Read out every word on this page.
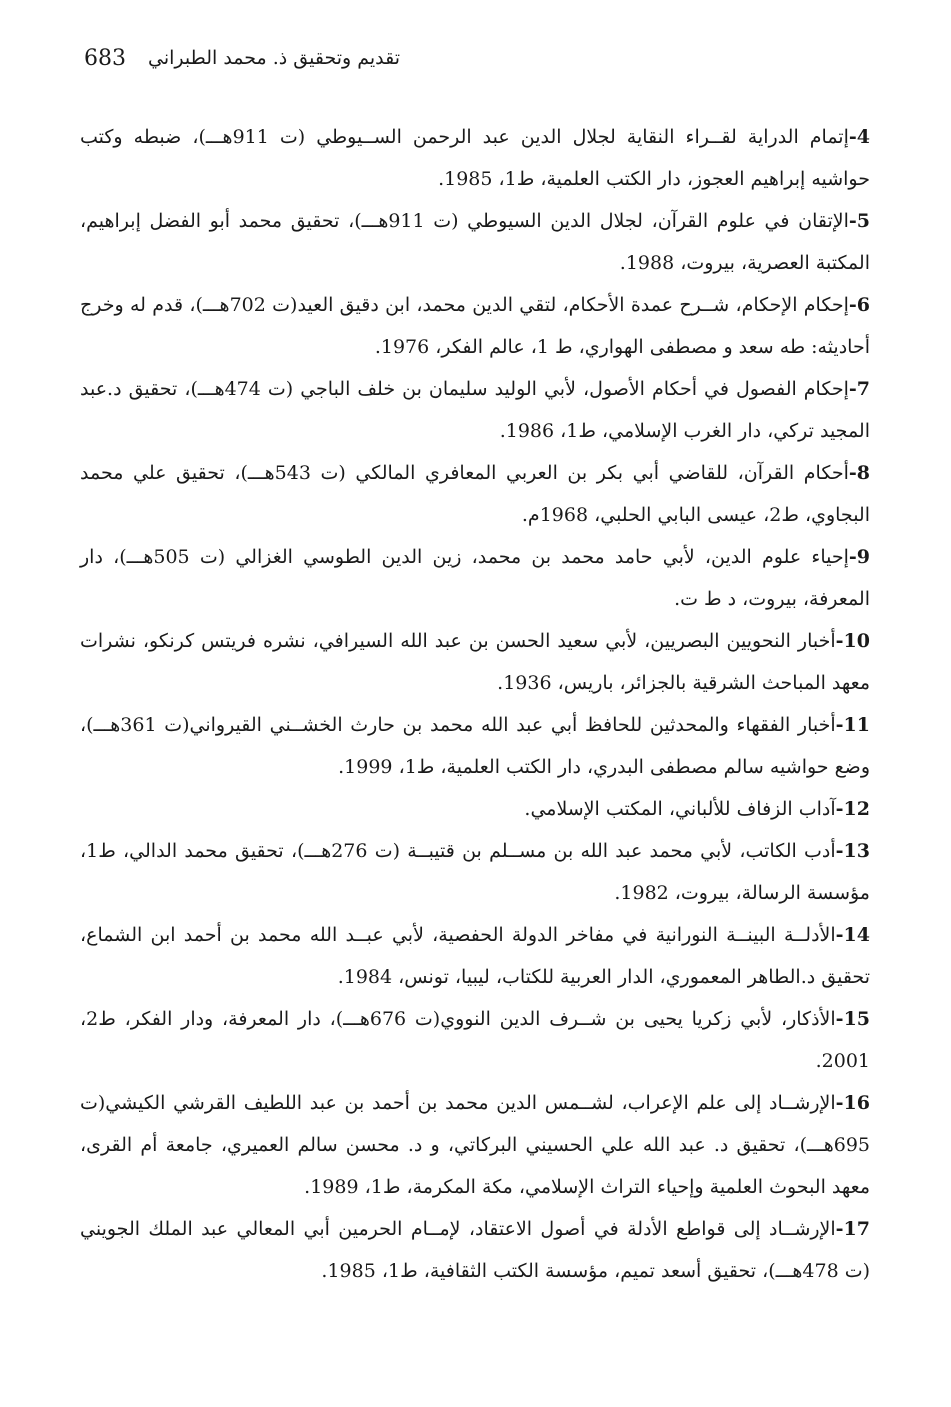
683 تقديم وتحقيق ذ. محمد الطبراني

4-إتمام الدراية لقــراء النقاية لجلال الدين عبد الرحمن الســيوطي (ت 911هـــ)، ضبطه وكتب حواشيه إبراهيم العجوز، دار الكتب العلمية، ط1، 1985.

5-الإتقان في علوم القرآن، لجلال الدين السيوطي (ت 911هـــ)، تحقيق محمد أبو الفضل إبراهيم، المكتبة العصرية، بيروت، 1988.

6-إحكام الإحكام، شــرح عمدة الأحكام، لتقي الدين محمد، ابن دقيق العيد(ت 702هـــ)، قدم له وخرج أحاديثه: طه سعد و مصطفى الهواري، ط 1، عالم الفكر، 1976.

7-إحكام الفصول في أحكام الأصول، لأبي الوليد سليمان بن خلف الباجي (ت 474هـــ)، تحقيق د.عبد المجيد تركي، دار الغرب الإسلامي، ط1، 1986.

8-أحكام القرآن، للقاضي أبي بكر بن العربي المعافري المالكي (ت 543هـــ)، تحقيق علي محمد البجاوي، ط2، عيسى البابي الحلبي، 1968م.

9-إحياء علوم الدين، لأبي حامد محمد بن محمد، زين الدين الطوسي الغزالي (ت 505هـــ)، دار المعرفة، بيروت، د ط ت.

10-أخبار النحويين البصريين، لأبي سعيد الحسن بن عبد الله السيرافي، نشره فريتس كرنكو، نشرات معهد المباحث الشرقية بالجزائر، باريس، 1936.

11-أخبار الفقهاء والمحدثين للحافظ أبي عبد الله محمد بن حارث الخشــني القيرواني(ت 361هـــ)، وضع حواشيه سالم مصطفى البدري، دار الكتب العلمية، ط1، 1999.

12-آداب الزفاف للألباني، المكتب الإسلامي.

13-أدب الكاتب، لأبي محمد عبد الله بن مســلم بن قتيبــة (ت 276هـــ)، تحقيق محمد الدالي، ط1، مؤسسة الرسالة، بيروت، 1982.

14-الأدلــة البينــة النورانية في مفاخر الدولة الحفصية، لأبي عبــد الله محمد بن أحمد ابن الشماع، تحقيق د.الطاهر المعموري، الدار العربية للكتاب، ليبيا، تونس، 1984.

15-الأذكار، لأبي زكريا يحيى بن شــرف الدين النووي(ت 676هـــ)، دار المعرفة، ودار الفكر، ط2، 2001.

16-الإرشــاد إلى علم الإعراب، لشــمس الدين محمد بن أحمد بن عبد اللطيف القرشي الكيشي(ت 695هـــ)، تحقيق د. عبد الله علي الحسيني البركاتي، و د. محسن سالم العميري، جامعة أم القرى، معهد البحوث العلمية وإحياء التراث الإسلامي، مكة المكرمة، ط1، 1989.

17-الإرشــاد إلى قواطع الأدلة في أصول الاعتقاد، لإمــام الحرمين أبي المعالي عبد الملك الجويني (ت 478هـــ)، تحقيق أسعد تميم، مؤسسة الكتب الثقافية، ط1، 1985.
